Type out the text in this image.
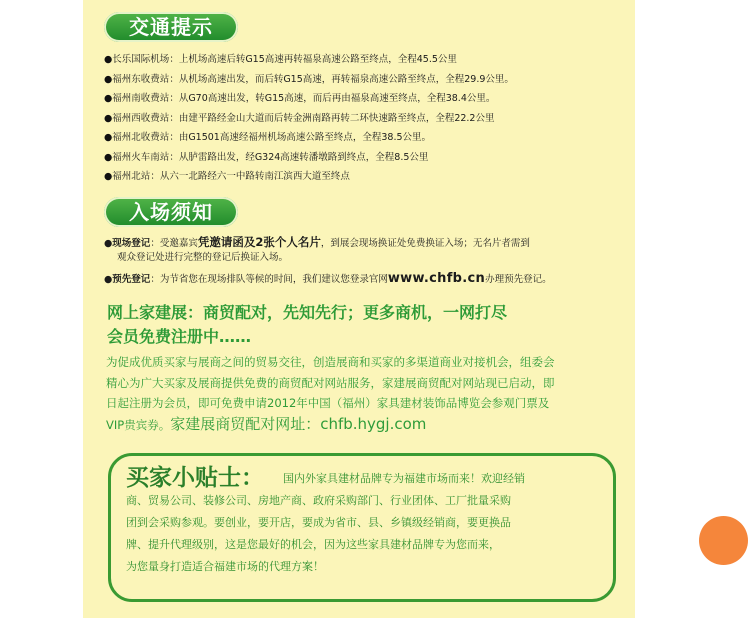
交通提示
●长乐国际机场：上机场高速后转G15高速再转福泉高速公路至终点，全程45.5公里
●福州东收费站：从机场高速出发，而后转G15高速，再转福泉高速公路至终点，全程29.9公里。
●福州南收费站：从G70高速出发，转G15高速，而后再由福泉高速至终点，全程38.4公里。
●福州西收费站：由建平路经金山大道而后转金洲南路再转二环快速路至终点，全程22.2公里
●福州北收费站：由G1501高速经福州机场高速公路至终点，全程38.5公里。
●福州火车南站：从胪雷路出发，经G324高速转潘墩路到终点，全程8.5公里
●福州北站：从六一北路经六一中路转南江滨西大道至终点
入场须知
●现场登记：受邀嘉宾凭邀请函及2张个人名片，到展会现场换证处免费换证入场；无名片者需到
观众登记处进行完整的登记后换证入场。
●预先登记：为节省您在现场排队等候的时间，我们建议您登录官网www.chfb.cn办理预先登记。
网上家建展：商贸配对，先知先行；更多商机，一网打尽
会员免费注册中……
为促成优质买家与展商之间的贸易交往，创造展商和买家的多渠道商业对接机会，组委会
精心为广大买家及展商提供免费的商贸配对网站服务，家建展商贸配对网站现已启动，即
日起注册为会员，即可免费申请2012年中国（福州）家具建材装饰品博览会参观门票及
VIP贵宾券。家建展商贸配对网址：chfb.hygj.com
买家小贴士： 国内外家具建材品牌专为福建市场而来！欢迎经销
商、贸易公司、装修公司、房地产商、政府采购部门、行业团体、工厂批量采购
团到会采购参观。要创业，要开店，要成为省市、县、乡镇级经销商，要更换品
牌、提升代理级别，这是您最好的机会，因为这些家具建材品牌专为您而来，
为您量身打造适合福建市场的代理方案！
